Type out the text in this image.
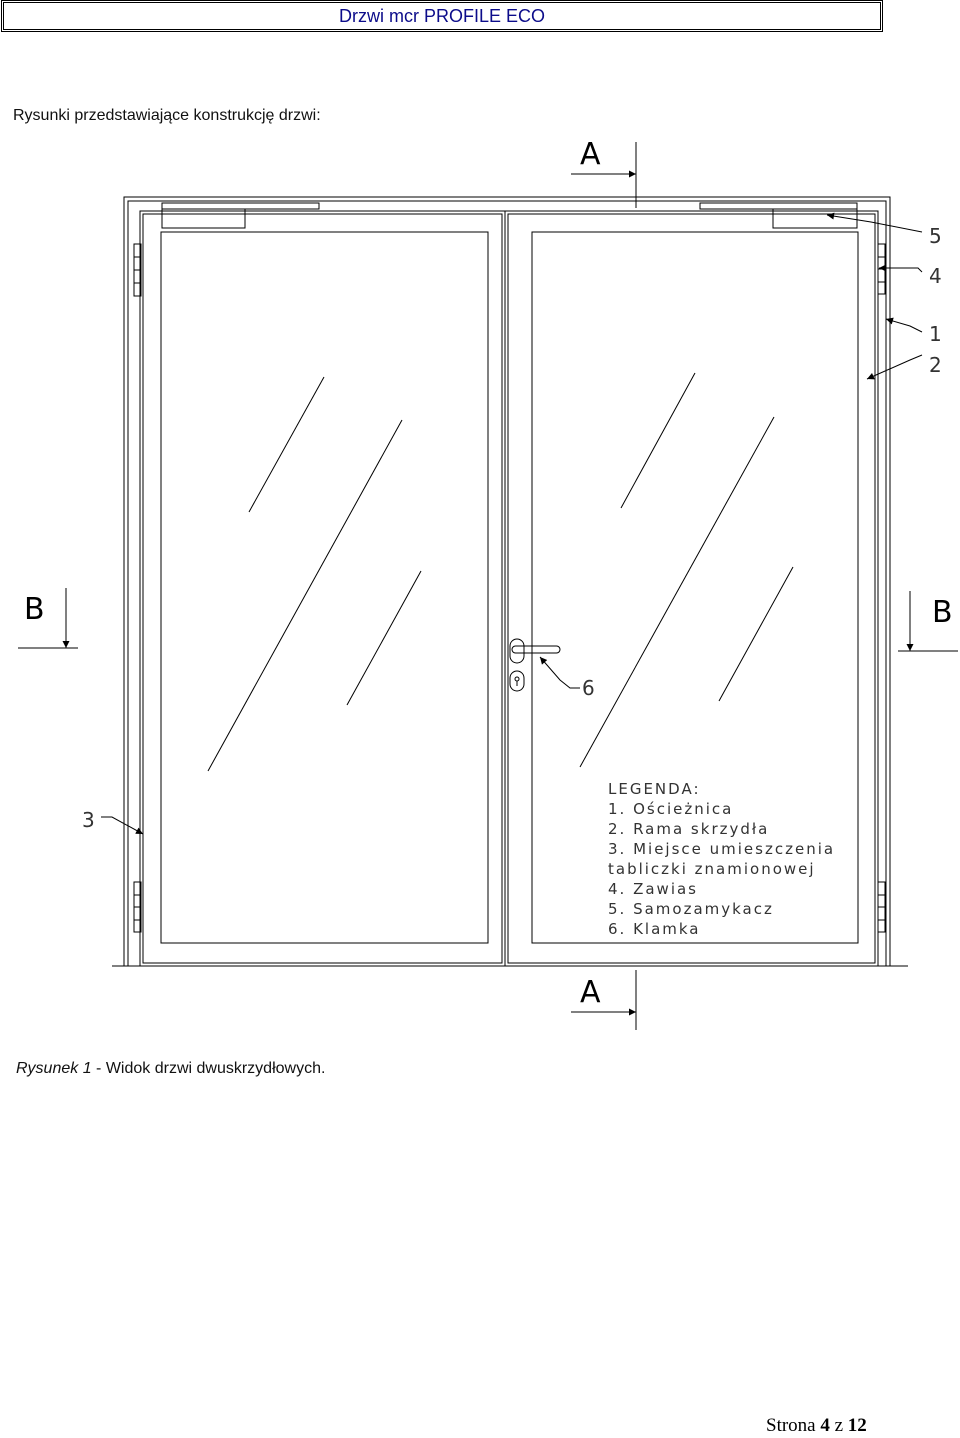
Drzwi mcr PROFILE ECO
Rysunki przedstawiające konstrukcję drzwi:
A
A
B	B
5
4
1
2
3
6
LEGENDA:
1. Ościeżnica
2. Rama skrzydła
3. Miejsce umieszczenia
tabliczki znamionowej
4. Zawias
5. Samozamykacz
6. Klamka
Rysunek 1 - Widok drzwi dwuskrzydłowych.
Strona 4 z 12
